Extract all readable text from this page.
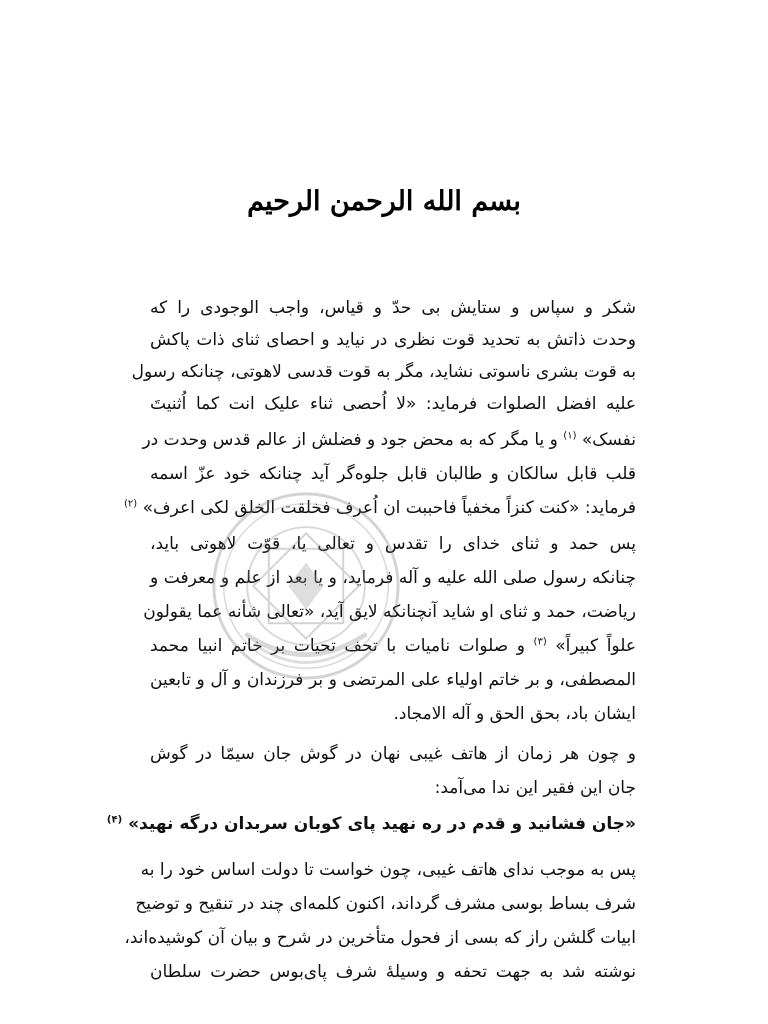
بسم الله الرحمن الرحیم
شکر و سپاس و ستایش بی حدّ و قیاس، واجب الوجودی را که
وحدت ذاتش به تحدید قوت نظری در نیاید و احصای ثنای ذات پاکش
به قوت بشری ناسوتی نشاید، مگر به قوت قدسی لاهوتی، چنانکه رسول
علیه افضل الصلوات فرماید: «لا اُحصی ثناء علیک انت کما اُثنیتَ
نفسک» $^{(۱)}$ و یا مگر که به محض جود و فضلش از عالم قدس وحدت در
قلب قابل سالکان و طالبان قابل جلوه‌گر آید چنانکه خود عزّ اسمه
فرماید: «کنت کنزاً مخفیاً فاحببت ان اُعرف فخلقت الخلق لکی اعرف» $^{(۲)}$
پس حمد و ثنای خدای را تقدس و تعالی یا، قوّت لاهوتی باید،
چنانکه رسول صلی الله علیه و آله فرماید، و یا بعد از علم و معرفت و
ریاضت، حمد و ثنای او شاید آنچنانکه لایق آید، «تعالی شأنه عما یقولون
علواً کبیراً» $^{(۳)}$ و صلوات نامیات با تحف تحیات بر خاتم انبیا محمد
المصطفی، و بر خاتم اولیاء علی المرتضی و بر فرزندان و آل و تابعین
ایشان باد، بحق الحق و آله الامجاد.
و چون هر زمان از هاتف غیبی نهان در گوش جان سیمّا در گوش
جان این فقیر این ندا می‌آمد:
«جان فشانید و قدم در ره نهید پای کوبان سربدان درگه نهید» $^{(۴)}$
پس به موجب ندای هاتف غیبی، چون خواست تا دولت اساس خود را به
شرف بساط بوسی مشرف گرداند، اکنون کلمه‌ای چند در تنقیح و توضیح
ابیات گلشن راز که بسی از فحول متأخرین در شرح و بیان آن کوشیده‌اند،
نوشته شد به جهت تحفه و وسیلهٔ شرف پای‌بوس حضرت سلطان
